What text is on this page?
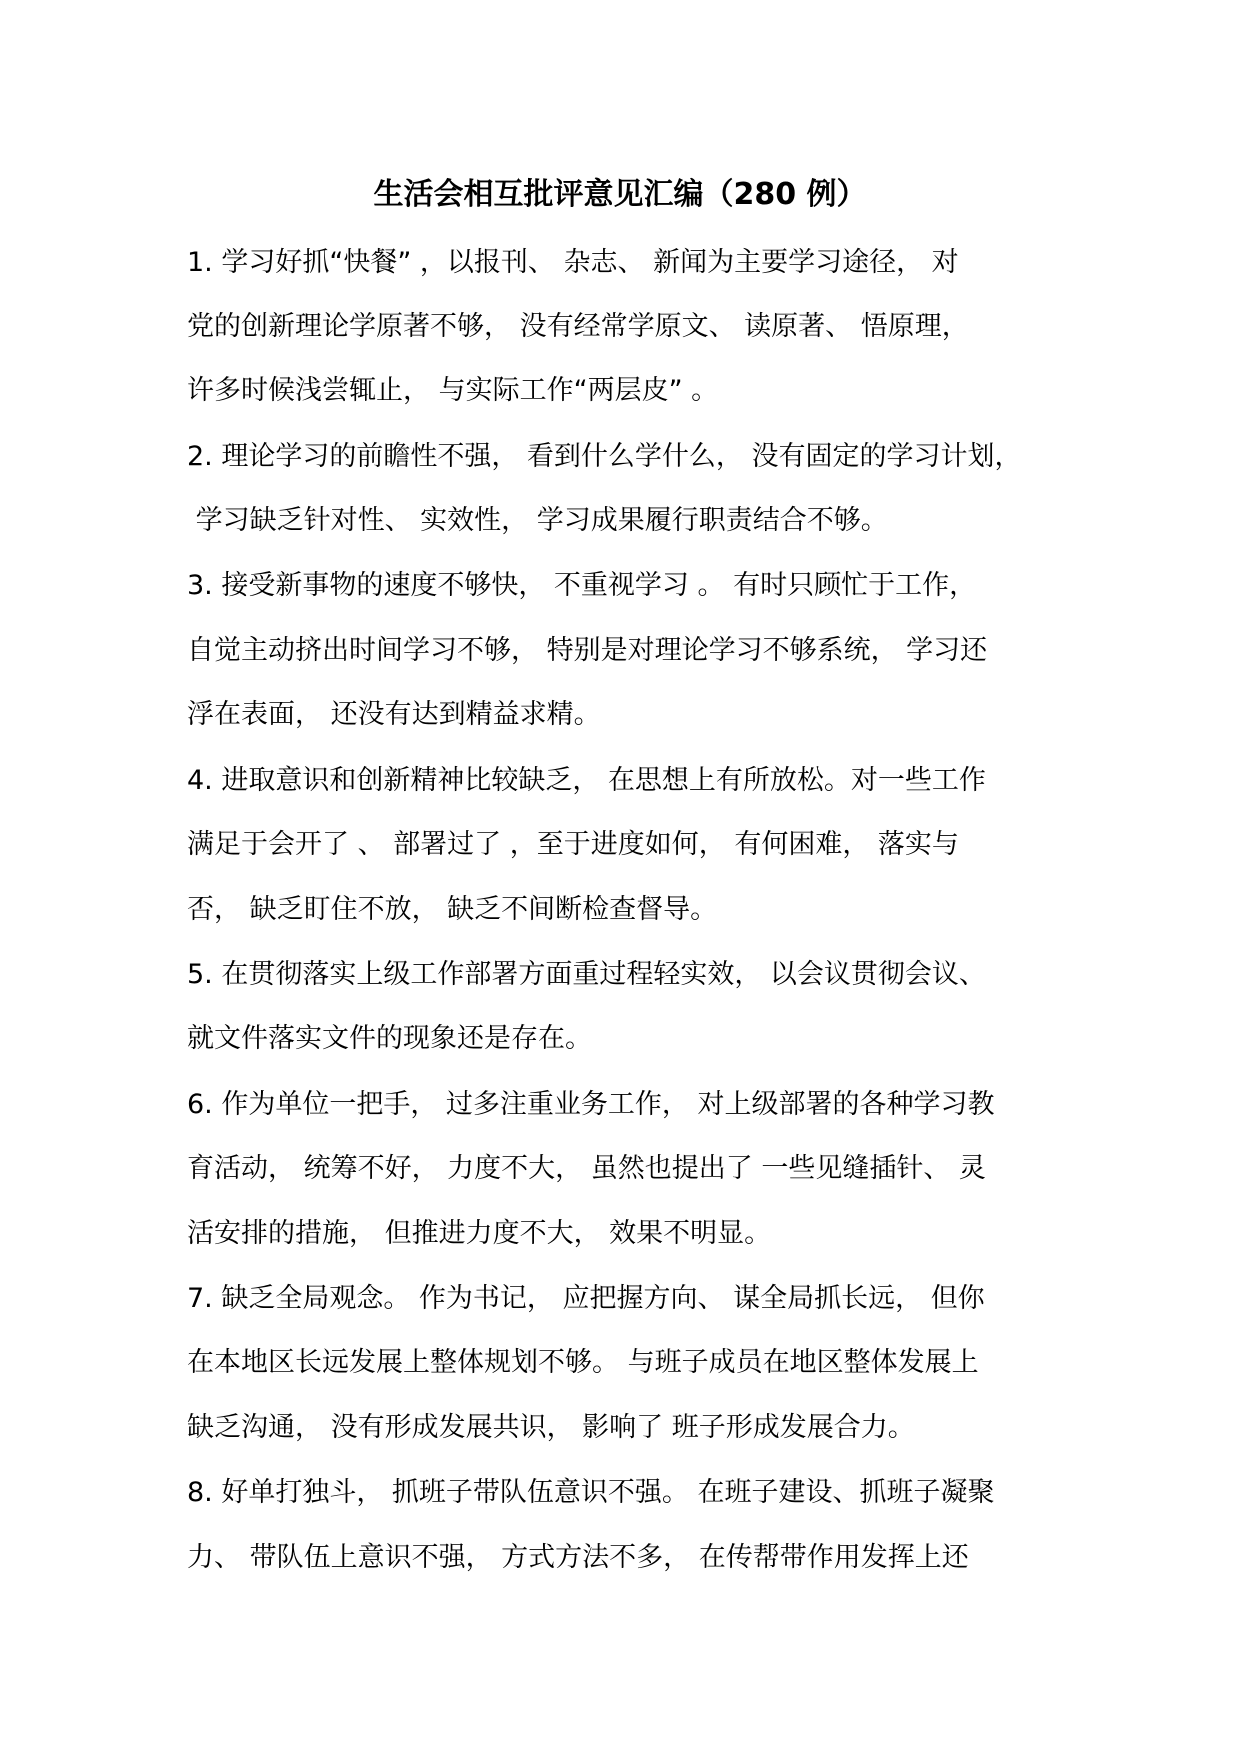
生活会相互批评意见汇编（280 例）

1. 学习好抓“快餐” ，以报刊、 杂志、 新闻为主要学习途径， 对

党的创新理论学原著不够， 没有经常学原文、 读原著、 悟原理，

许多时候浅尝辄止， 与实际工作“两层皮” 。

2. 理论学习的前瞻性不强， 看到什么学什么， 没有固定的学习计划，

学习缺乏针对性、 实效性， 学习成果履行职责结合不够。

3. 接受新事物的速度不够快， 不重视学习 。 有时只顾忙于工作，

自觉主动挤出时间学习不够， 特别是对理论学习不够系统， 学习还

浮在表面， 还没有达到精益求精。

4. 进取意识和创新精神比较缺乏， 在思想上有所放松。对一些工作

满足于会开了 、 部署过了 ，至于进度如何， 有何困难， 落实与

否， 缺乏盯住不放， 缺乏不间断检查督导。

5. 在贯彻落实上级工作部署方面重过程轻实效， 以会议贯彻会议、

就文件落实文件的现象还是存在。

6. 作为单位一把手， 过多注重业务工作， 对上级部署的各种学习教

育活动， 统筹不好， 力度不大， 虽然也提出了 一些见缝插针、 灵

活安排的措施， 但推进力度不大， 效果不明显。

7. 缺乏全局观念。 作为书记， 应把握方向、 谋全局抓长远， 但你

在本地区长远发展上整体规划不够。 与班子成员在地区整体发展上

缺乏沟通， 没有形成发展共识， 影响了 班子形成发展合力。

8. 好单打独斗， 抓班子带队伍意识不强。 在班子建设、抓班子凝聚

力、 带队伍上意识不强， 方式方法不多， 在传帮带作用发挥上还
